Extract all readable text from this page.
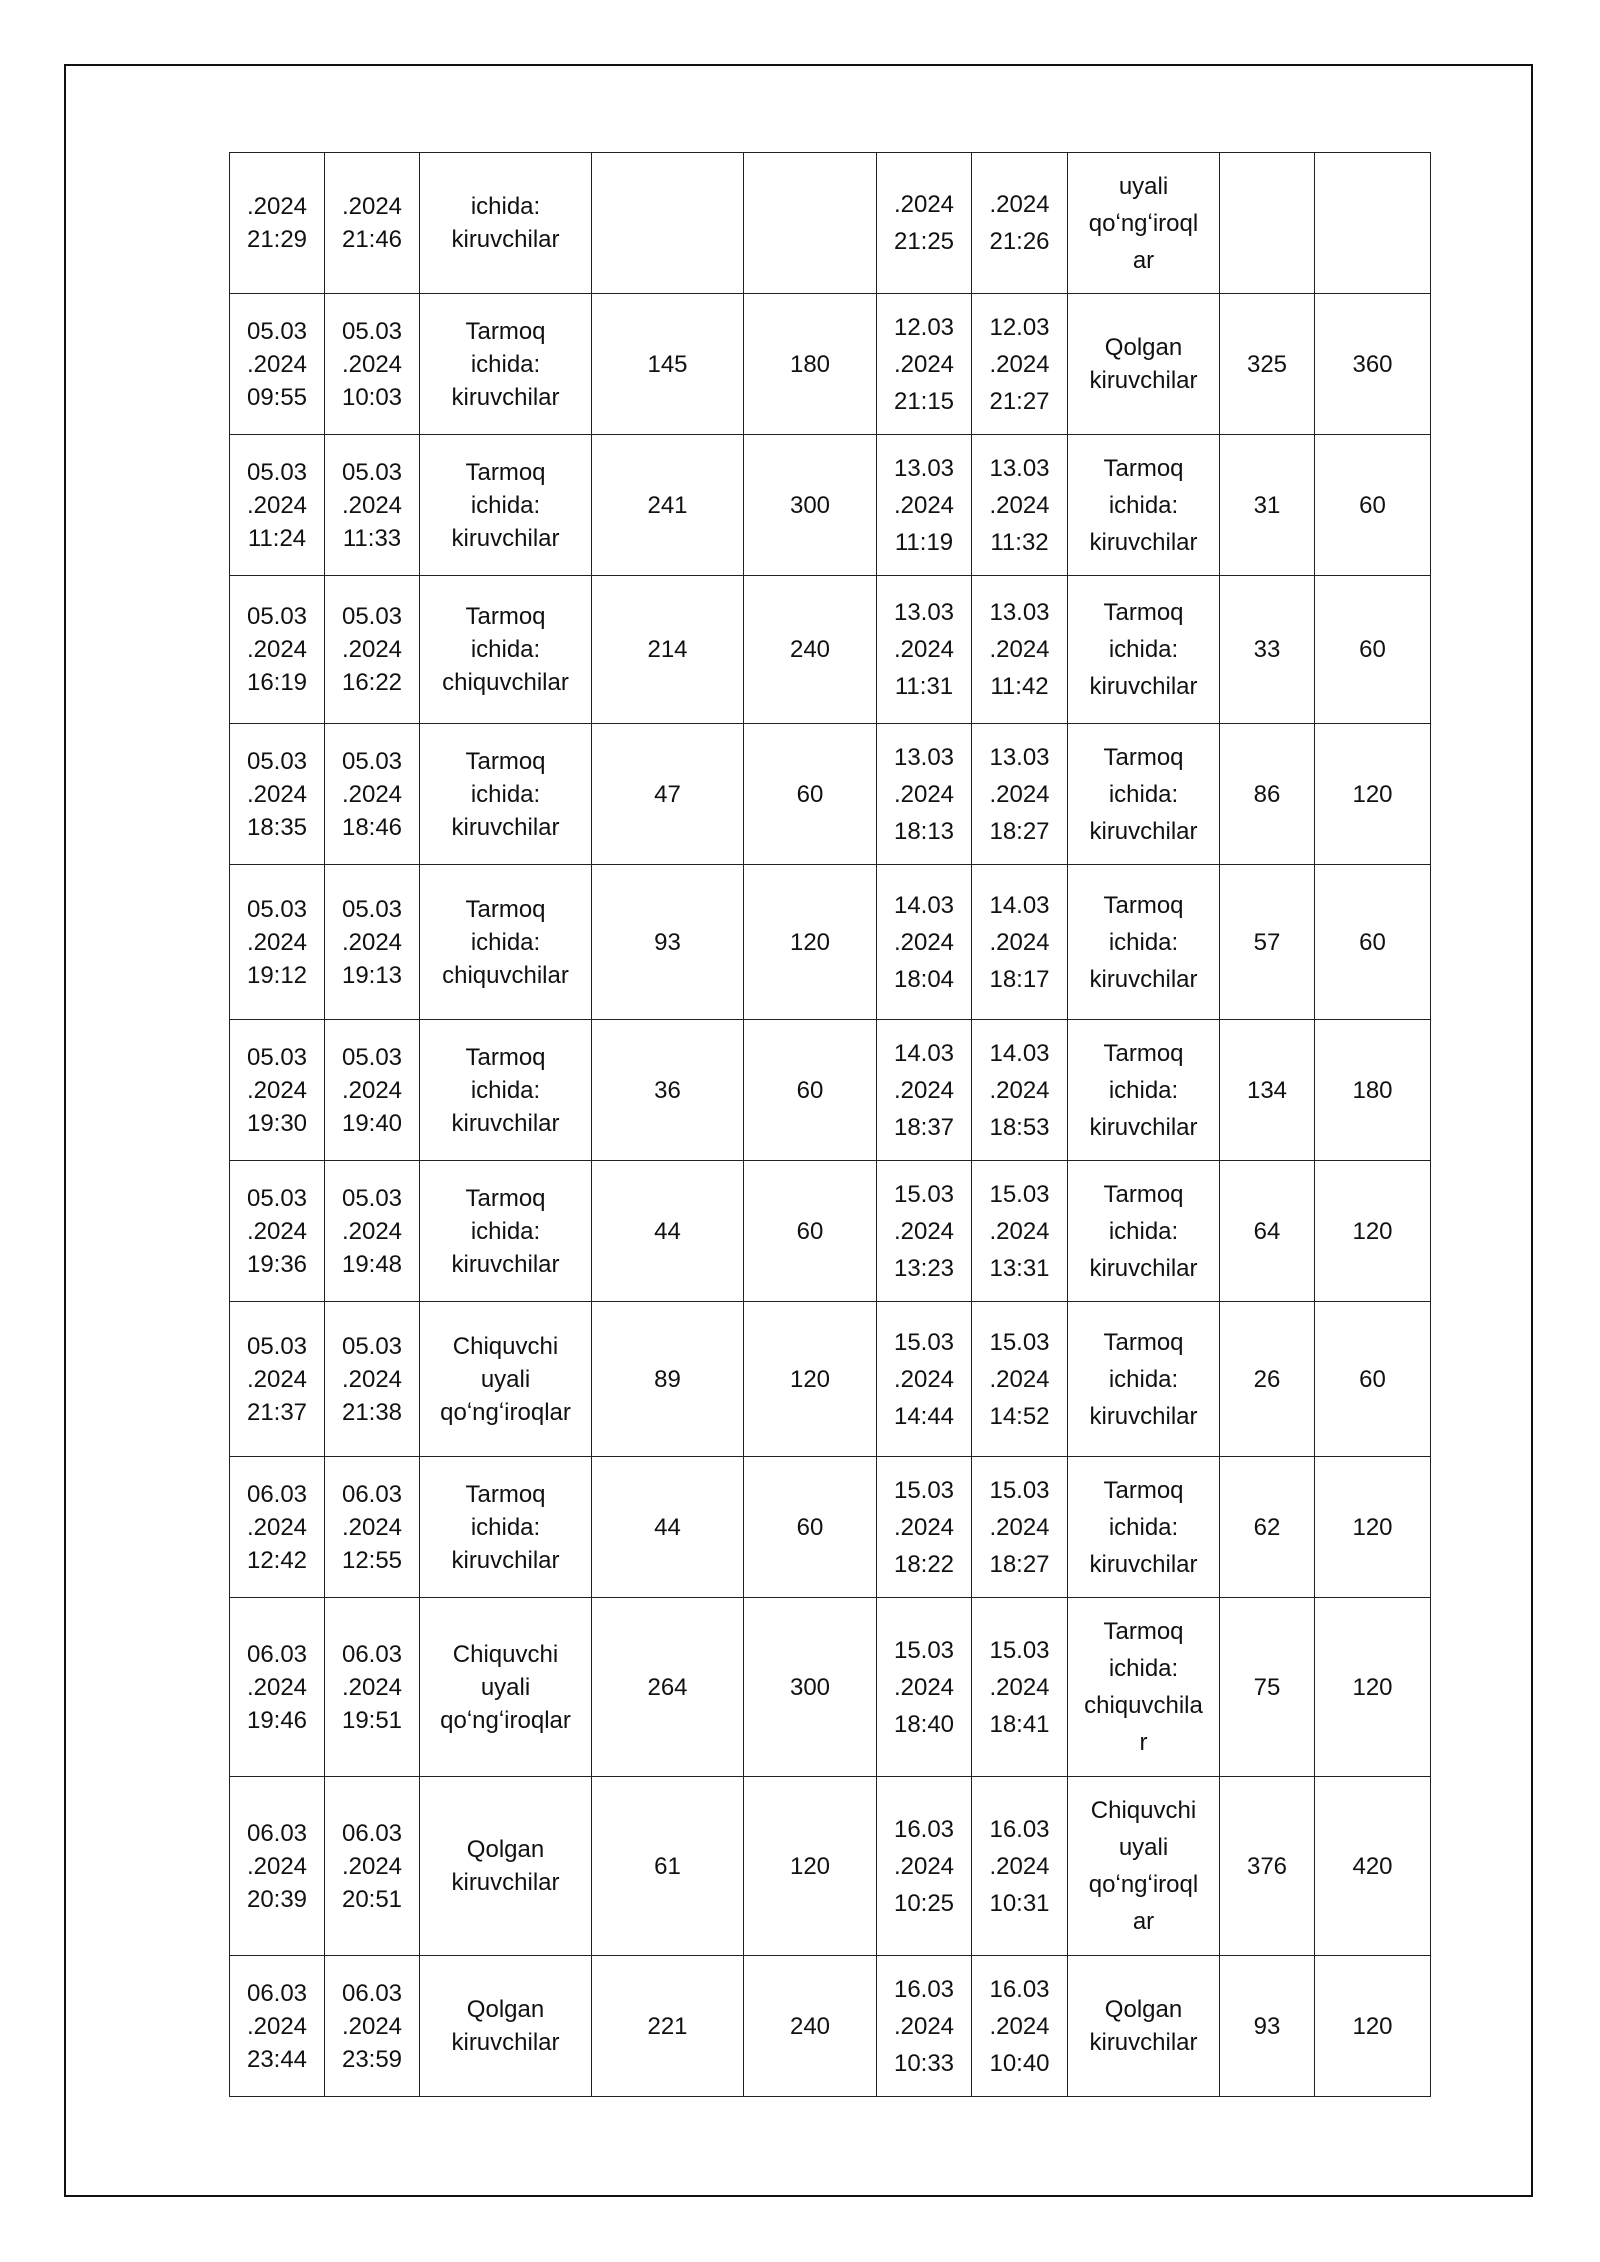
.2024
21:29	.2024
21:46	ichida:
kiruvchilar			.2024
21:25	.2024
21:26	uyali
qoʻngʻiroql
ar		

05.03
.2024
09:55	05.03
.2024
10:03	Tarmoq
ichida:
kiruvchilar	145	180	12.03
.2024
21:15	12.03
.2024
21:27	Qolgan
kiruvchilar	325	360

05.03
.2024
11:24	05.03
.2024
11:33	Tarmoq
ichida:
kiruvchilar	241	300	13.03
.2024
11:19	13.03
.2024
11:32	Tarmoq
ichida:
kiruvchilar	31	60

05.03
.2024
16:19	05.03
.2024
16:22	Tarmoq
ichida:
chiquvchilar	214	240	13.03
.2024
11:31	13.03
.2024
11:42	Tarmoq
ichida:
kiruvchilar	33	60

05.03
.2024
18:35	05.03
.2024
18:46	Tarmoq
ichida:
kiruvchilar	47	60	13.03
.2024
18:13	13.03
.2024
18:27	Tarmoq
ichida:
kiruvchilar	86	120

05.03
.2024
19:12	05.03
.2024
19:13	Tarmoq
ichida:
chiquvchilar	93	120	14.03
.2024
18:04	14.03
.2024
18:17	Tarmoq
ichida:
kiruvchilar	57	60

05.03
.2024
19:30	05.03
.2024
19:40	Tarmoq
ichida:
kiruvchilar	36	60	14.03
.2024
18:37	14.03
.2024
18:53	Tarmoq
ichida:
kiruvchilar	134	180

05.03
.2024
19:36	05.03
.2024
19:48	Tarmoq
ichida:
kiruvchilar	44	60	15.03
.2024
13:23	15.03
.2024
13:31	Tarmoq
ichida:
kiruvchilar	64	120

05.03
.2024
21:37	05.03
.2024
21:38	Chiquvchi
uyali
qoʻngʻiroqlar	89	120	15.03
.2024
14:44	15.03
.2024
14:52	Tarmoq
ichida:
kiruvchilar	26	60

06.03
.2024
12:42	06.03
.2024
12:55	Tarmoq
ichida:
kiruvchilar	44	60	15.03
.2024
18:22	15.03
.2024
18:27	Tarmoq
ichida:
kiruvchilar	62	120

06.03
.2024
19:46	06.03
.2024
19:51	Chiquvchi
uyali
qoʻngʻiroqlar	264	300	15.03
.2024
18:40	15.03
.2024
18:41	Tarmoq
ichida:
chiquvchila
r	75	120

06.03
.2024
20:39	06.03
.2024
20:51	Qolgan
kiruvchilar	61	120	16.03
.2024
10:25	16.03
.2024
10:31	Chiquvchi
uyali
qoʻngʻiroql
ar	376	420

06.03
.2024
23:44	06.03
.2024
23:59	Qolgan
kiruvchilar	221	240	16.03
.2024
10:33	16.03
.2024
10:40	Qolgan
kiruvchilar	93	120
